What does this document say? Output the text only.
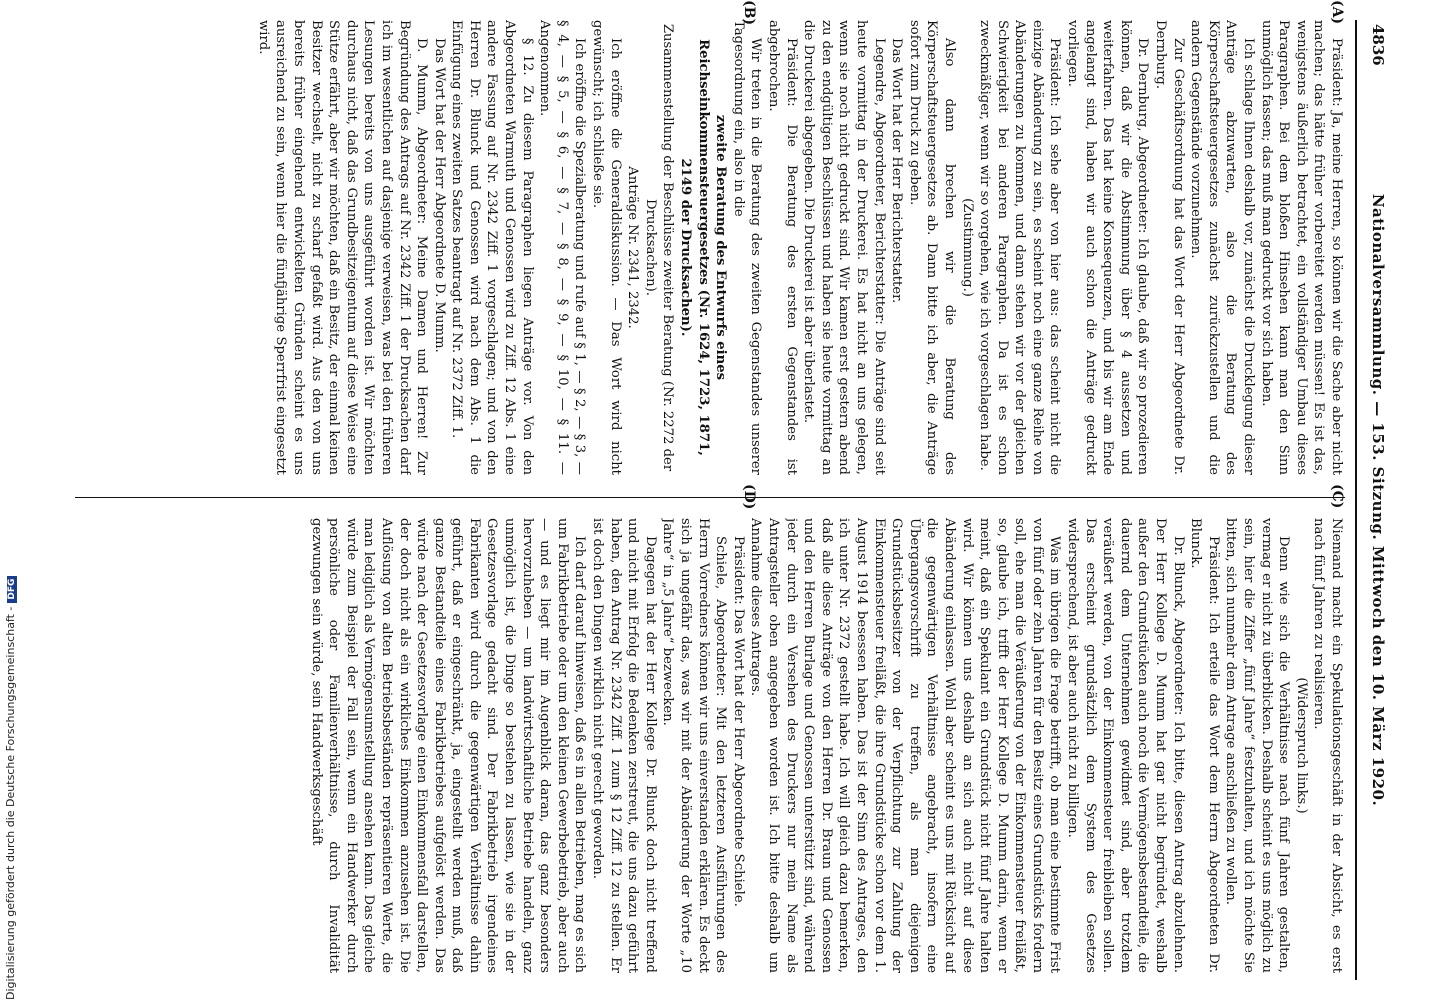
4836
Nationalversammlung. — 153. Sitzung. Mittwoch den 10. März 1920.
(A)
(B)
(C)
(D)

Präsident: Ja, meine Herren, so können wir die Sache aber nicht machen; das hätte früher vorbereitet werden müssen! Es ist das, wenigstens äußerlich betrachtet, ein vollständiger Umbau dieses Paragraphen. Bei dem bloßen Hinsehen kann man den Sinn unmöglich fassen; das muß man gedruckt vor sich haben.

Ich schlage Ihnen deshalb vor, zunächst die Drucklegung dieser Anträge abzuwarten, also die Beratung des Körperschaftsteuergesetzes zunächst zurückzustellen und die andern Gegenstände vorzunehmen.

Zur Geschäftsordnung hat das Wort der Herr Abgeordnete Dr. Dernburg.

Dr. Dernburg, Abgeordneter: Ich glaube, daß wir so prozedieren können, daß wir die Abstimmung über § 4 aussetzen und weiterfahren. Das hat keine Konsequenzen, und bis wir am Ende angelangt sind, haben wir auch schon die Anträge gedruckt vorliegen.

Präsident: Ich sehe aber von hier aus: das scheint nicht die einzige Abänderung zu sein, es scheint noch eine ganze Reihe von Abänderungen zu kommen, und dann stehen wir vor der gleichen Schwierigkeit bei anderen Paragraphen. Da ist es schon zweckmäßiger, wenn wir so vorgehen, wie ich vorgeschlagen habe.

(Zustimmung.)

Also dann brechen wir die Beratung des Körperschaftsteuergesetzes ab. Dann bitte ich aber, die Anträge sofort zum Druck zu geben.

Das Wort hat der Herr Berichterstatter.

Legendre, Abgeordneter, Berichterstatter: Die Anträge sind seit heute vormittag in der Druckerei. Es hat nicht an uns gelegen, wenn sie noch nicht gedruckt sind. Wir kamen erst gestern abend zu den endgültigen Beschlüssen und haben sie heute vormittag an die Druckerei abgegeben. Die Druckerei ist aber überlastet.

Präsident: Die Beratung des ersten Gegenstandes ist abgebrochen.

Wir treten in die Beratung des zweiten Gegenstandes unserer Tagesordnung ein, also in die

zweite Beratung des Entwurfs eines Reichseinkommensteuergesetzes (Nr. 1624, 1723, 1871, 2149 der Drucksachen).

Zusammenstellung der Beschlüsse zweiter Beratung (Nr. 2272 der Drucksachen).

Anträge Nr. 2341, 2342.

Ich eröffne die Generaldiskussion. — Das Wort wird nicht gewünscht; ich schließe sie.

Ich eröffne die Spezialberatung und rufe auf § 1, — § 2, — § 3, — § 4, — § 5, — § 6, — § 7, — § 8, — § 9, — § 10, — § 11. — Angenommen.

§ 12. Zu diesem Paragraphen liegen Anträge vor. Von den Abgeordneten Warmuth und Genossen wird zu Ziff. 12 Abs. 1 eine andere Fassung auf Nr. 2342 Ziff. 1 vorgeschlagen; und von den Herren Dr. Blunck und Genossen wird nach dem Abs. 1 die Einfügung eines zweiten Satzes beantragt auf Nr. 2372 Ziff. 1.

Das Wort hat der Herr Abgeordnete D. Mumm.

D. Mumm, Abgeordneter: Meine Damen und Herren! Zur Begründung des Antrags auf Nr. 2342 Ziff. 1 der Drucksachen darf ich im wesentlichen auf dasjenige verweisen, was bei den früheren Lesungen bereits von uns ausgeführt worden ist. Wir möchten durchaus nicht, daß das Grundbesitzeigentum auf diese Weise eine Stütze erfährt, aber wir möchten, daß ein Besitz, der einmal keinen Besitzer wechselt, nicht zu scharf gefaßt wird. Aus den von uns bereits früher eingehend entwickelten Gründen scheint es uns ausreichend zu sein, wenn hier die fünfjährige Sperrfrist eingesetzt wird.

Niemand macht ein Spekulationsgeschäft in der Absicht, es erst nach fünf Jahren zu realisieren.

(Widerspruch links.)

Denn wie sich die Verhältnisse nach fünf Jahren gestalten, vermag er nicht zu überblicken. Deshalb scheint es uns möglich zu sein, hier die Ziffer „fünf Jahre“ festzuhalten, und ich möchte Sie bitten, sich nunmehr dem Antrage anschließen zu wollen.

Präsident: Ich erteile das Wort dem Herrn Abgeordneten Dr. Blunck.

Dr. Blunck, Abgeordneter: Ich bitte, diesen Antrag abzulehnen. Der Herr Kollege D. Mumm hat gar nicht begründet, weshalb außer den Grundstücken auch noch die Vermögensbestandteile, die dauernd dem Unternehmen gewidmet sind, aber trotzdem veräußert werden, von der Einkommensteuer freibleiben sollen. Das erscheint grundsätzlich dem System des Gesetzes widersprechend, ist aber auch nicht zu billigen.

Was im übrigen die Frage betrifft, ob man eine bestimmte Frist von fünf oder zehn Jahren für den Besitz eines Grundstücks fordern soll, ehe man die Veräußerung von der Einkommensteuer freiläßt, so, glaube ich, trifft der Herr Kollege D. Mumm darin, wenn er meint, daß ein Spekulant ein Grundstück nicht fünf Jahre halten wird. Wir können uns deshalb an sich auch nicht auf diese Abänderung einlassen. Wohl aber scheint es uns mit Rücksicht auf die gegenwärtigen Verhältnisse angebracht, insofern eine Übergangsvorschrift zu treffen, als man diejenigen Grundstücksbesitzer von der Verpflichtung zur Zahlung der Einkommensteuer freiläßt, die ihre Grundstücke schon vor dem 1. August 1914 besessen haben. Das ist der Sinn des Antrages, den ich unter Nr. 2372 gestellt habe. Ich will gleich dazu bemerken, daß alle diese Anträge von den Herren Dr. Braun und Genossen und den Herren Burlage und Genossen unterstützt sind, während jeder durch ein Versehen des Druckers nur mein Name als Antragsteller oben angegeben worden ist. Ich bitte deshalb um Annahme dieses Antrages.

Präsident: Das Wort hat der Herr Abgeordnete Schiele.

Schiele, Abgeordneter: Mit den letzteren Ausführungen des Herrn Vorredners können wir uns einverstanden erklären. Es deckt sich ja ungefähr das, was wir mit der Abänderung der Worte „10 Jahre“ in „5 Jahre“ bezwecken.

Dagegen hat der Herr Kollege Dr. Blunck doch nicht treffend und nicht mit Erfolg die Bedenken zerstreut, die uns dazu geführt haben, den Antrag Nr. 2342 Ziff. 1 zum § 12 Ziff. 12 zu stellen. Er ist doch den Dingen wirklich nicht gerecht geworden.

Ich darf darauf hinweisen, daß es in allen Betrieben, mag es sich um Fabrikbetriebe oder um den kleinen Gewerbebetrieb, aber auch — und es liegt mir im Augenblick daran, das ganz besonders hervorzuheben — um landwirtschaftliche Betriebe handeln, ganz unmöglich ist, die Dinge so bestehen zu lassen, wie sie in der Gesetzesvorlage gedacht sind. Der Fabrikbetrieb irgendeines Fabrikanten wird durch die gegenwärtigen Verhältnisse dahin geführt, daß er eingeschränkt, ja, eingestellt werden muß, daß ganze Bestandteile eines Fabrikbetriebes aufgelöst werden. Das würde nach der Gesetzesvorlage einen Einkommensfall darstellen, der doch nicht als ein wirkliches Einkommen anzusehen ist. Die Auflösung von alten Betriebsbeständen repräsentieren Werte, die man lediglich als Vermögensumstellung ansehen kann. Das gleiche würde zum Beispiel der Fall sein, wenn ein Handwerker durch persönliche oder Familienverhältnisse, durch Invalidität gezwungen sein würde, sein Handwerksgeschäft

Digitalisierung gefördert durch die Deutsche Forschungsgemeinschaft -DFG
